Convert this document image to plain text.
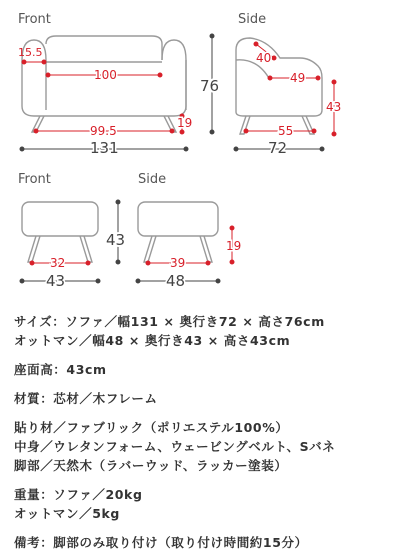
Front	Side
Front	Side
15.5
100
99.5
19
131
76
40
49
43
55
72
32
43
43
39
48
19
サイズ：ソファ／幅131 × 奥行き72 × 高さ76cm
オットマン／幅48 × 奥行き43 × 高さ43cm
座面高：43cm
材質：芯材／木フレーム
貼り材／ファブリック（ポリエステル100%）
中身／ウレタンフォーム、ウェービングベルト、Sバネ
脚部／天然木（ラバーウッド、ラッカー塗装）
重量：ソファ／20kg
オットマン／5kg
備考：脚部のみ取り付け（取り付け時間約15分）
